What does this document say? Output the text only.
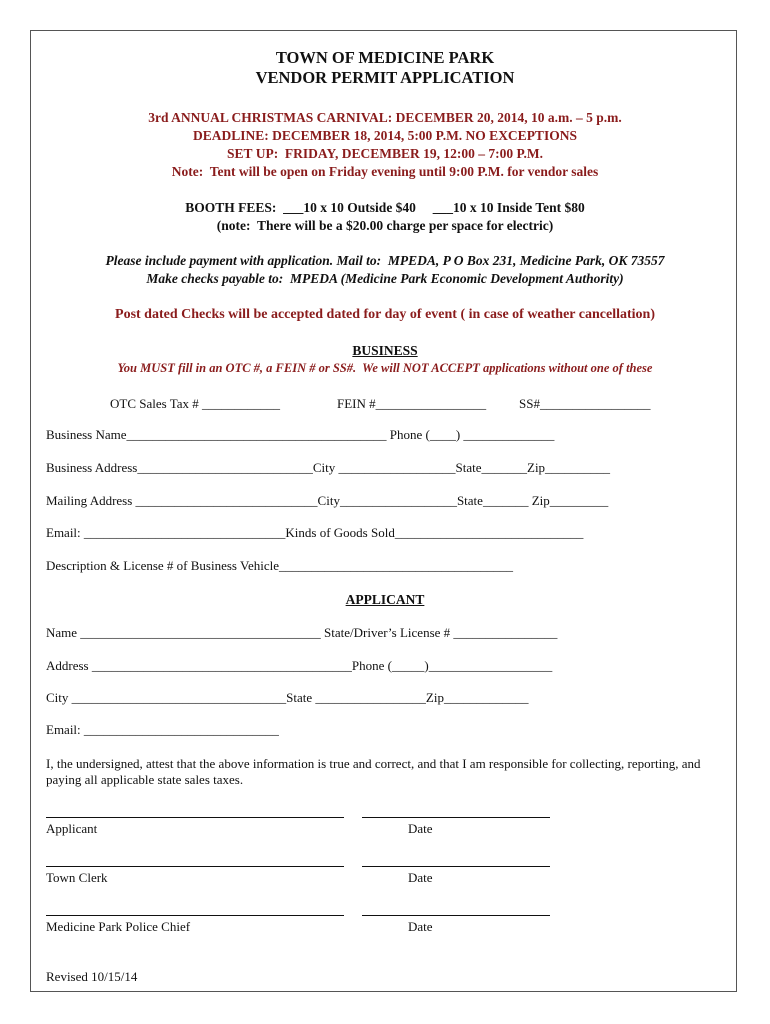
TOWN OF MEDICINE PARK
VENDOR PERMIT APPLICATION
3rd ANNUAL CHRISTMAS CARNIVAL: DECEMBER 20, 2014, 10 a.m. – 5 p.m.
DEADLINE: DECEMBER 18, 2014, 5:00 P.M. NO EXCEPTIONS
SET UP:  FRIDAY, DECEMBER 19, 12:00 – 7:00 P.M.
Note:  Tent will be open on Friday evening until 9:00 P.M. for vendor sales
BOOTH FEES:  ___10 x 10 Outside $40     ___10 x 10 Inside Tent $80
(note:  There will be a $20.00 charge per space for electric)
Please include payment with application. Mail to:  MPEDA, P O Box 231, Medicine Park, OK 73557
Make checks payable to:  MPEDA (Medicine Park Economic Development Authority)
Post dated Checks will be accepted dated for day of event ( in case of weather cancellation)
BUSINESS
You MUST fill in an OTC #, a FEIN # or SS#.  We will NOT ACCEPT applications without one of these
OTC Sales Tax # ____________	FEIN #_________________	SS#_________________
Business Name________________________________________ Phone (____) ______________
Business Address___________________________City __________________State_______Zip__________
Mailing Address ____________________________City__________________State_______ Zip_________
Email: _______________________________Kinds of Goods Sold_____________________________
Description & License # of Business Vehicle____________________________________
APPLICANT
Name _____________________________________ State/Driver’s License # ________________
Address ________________________________________Phone (_____)___________________
City _________________________________State _________________Zip_____________
Email: ______________________________
I, the undersigned, attest that the above information is true and correct, and that I am responsible for collecting, reporting, and paying all applicable state sales taxes.
Applicant	Date
Town Clerk	Date
Medicine Park Police Chief	Date
Revised 10/15/14
